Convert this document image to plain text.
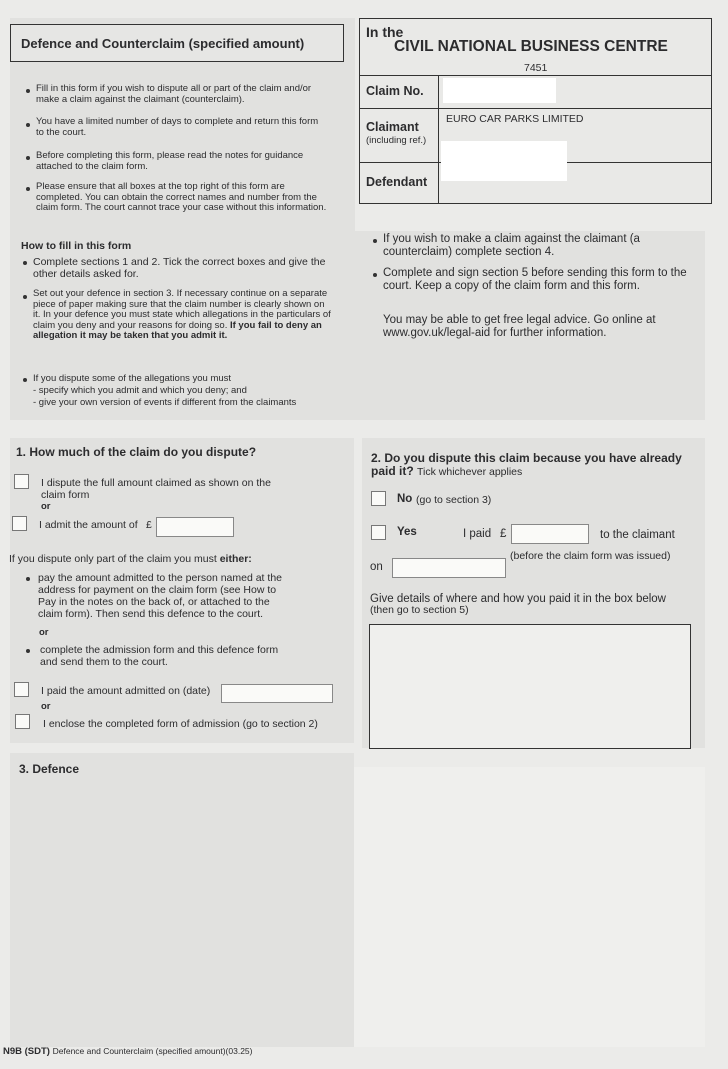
Defence and Counterclaim (specified amount)
Fill in this form if you wish to dispute all or part of the claim and/or make a claim against the claimant (counterclaim).
You have a limited number of days to complete and return this form to the court.
Before completing this form, please read the notes for guidance attached to the claim form.
Please ensure that all boxes at the top right of this form are completed. You can obtain the correct names and number from the claim form. The court cannot trace your case without this information.
In the
CIVIL NATIONAL BUSINESS CENTRE
7451
Claim No.
Claimant
(including ref.)
EURO CAR PARKS LIMITED
Defendant
How to fill in this form
Complete sections 1 and 2. Tick the correct boxes and give the other details asked for.
Set out your defence in section 3. If necessary continue on a separate piece of paper making sure that the claim number is clearly shown on it. In your defence you must state which allegations in the particulars of claim you deny and your reasons for doing so. If you fail to deny an allegation it may be taken that you admit it.
If you dispute some of the allegations you must
- specify which you admit and which you deny; and
- give your own version of events if different from the claimants
If you wish to make a claim against the claimant (a counterclaim) complete section 4.
Complete and sign section 5 before sending this form to the court. Keep a copy of the claim form and this form.
You may be able to get free legal advice. Go online at www.gov.uk/legal-aid for further information.
1. How much of the claim do you dispute?
I dispute the full amount claimed as shown on the claim form
or
I admit the amount of £
If you dispute only part of the claim you must either:
pay the amount admitted to the person named at the address for payment on the claim form (see How to Pay in the notes on the back of, or attached to the claim form). Then send this defence to the court.
or
complete the admission form and this defence form and send them to the court.
I paid the amount admitted on (date)
or
I enclose the completed form of admission (go to section 2)
2. Do you dispute this claim because you have already paid it? Tick whichever applies
No (go to section 3)
Yes	I paid £	to the claimant
(before the claim form was issued)
on
Give details of where and how you paid it in the box below
(then go to section 5)
3. Defence
N9B (SDT) Defence and Counterclaim (specified amount)(03.25)
